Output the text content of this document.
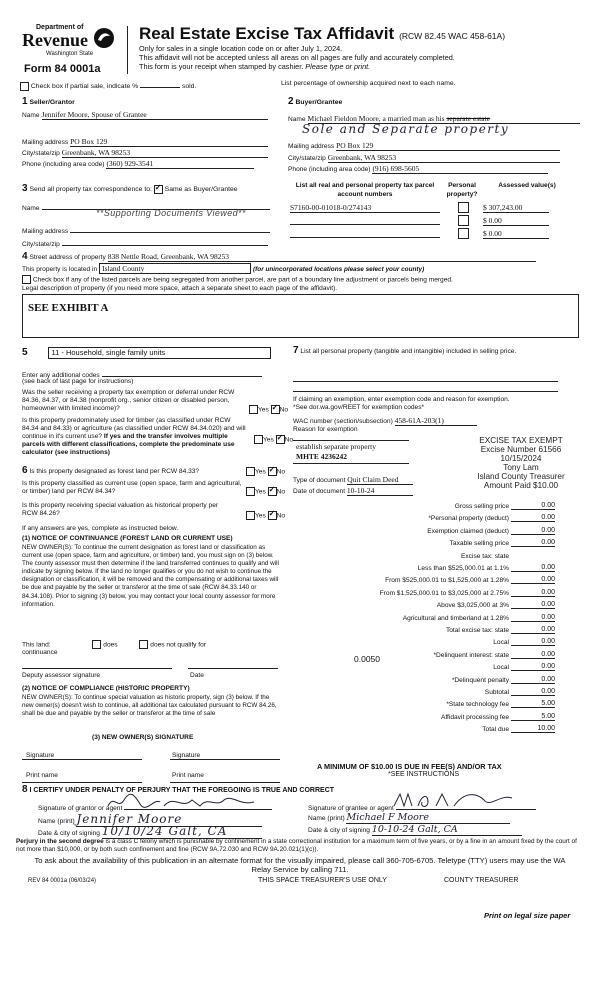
Department of
Revenue
Washington State
Form 84 0001a
Real Estate Excise Tax Affidavit (RCW 82.45 WAC 458-61A)
Only for sales in a single location code on or after July 1, 2024.
This affidavit will not be accepted unless all areas on all pages are fully and accurately completed.
This form is your receipt when stamped by cashier. Please type or print.
Check box if partial sale, indicate %	sold.	List percentage of ownership acquired next to each name.
1 Seller/Grantor
Name Jennifer Moore, Spouse of Grantee
Mailing address PO Box 129
City/state/zip Greenbank, WA 98253
Phone (including area code) (360) 929-3541
2 Buyer/Grantee
Name Michael Fieldon Moore, a married man as his separate estate
Sole and Separate property
Mailing address PO Box 129
City/state/zip Greenbank, WA 98253
Phone (including area code) (916) 698-5605
3 Send all property tax correspondence to: ✓ Same as Buyer/Grantee
Name	**Supporting Documents Viewed**
Mailing address
City/state/zip
List all real and personal property tax parcel account numbers
Personal property?
Assessed value(s)
S7160-00-01018-0/274143	$ 307,243.00
$ 0.00
$ 0.00
4 Street address of property 838 Nettle Road, Greenbank, WA 98253
This property is located in Island County	(for unincorporated locations please select your county)
Check box if any of the listed parcels are being segregated from another parcel, are part of a boundary line adjustment or parcels being merged.
Legal description of property (if you need more space, attach a separate sheet to each page of the affidavit).
SEE EXHIBIT A
5	11 - Household, single family units
Enter any additional codes
(see back of last page for instructions)
Was the seller receiving a property tax exemption or deferral under RCW 84.36, 84.37, or 84.38 (nonprofit org., senior citizen or disabled person, homeowner with limited income)?	Yes ✓ No
Is this property predominately used for timber (as classified under RCW 84.34 and 84.33) or agriculture (as classified under RCW 84.34.020) and will continue in it's current use? If yes and the transfer involves multiple parcels with different classifications, complete the predominate use calculator (see instructions)
Yes ✓ No
6 Is this property designated as forest land per RCW 84.33?	Yes ✓ No
Is this property classified as current use (open space, farm and agricultural, or timber) land per RCW 84.34?	Yes ✓ No
Is this property receiving special valuation as historical property per RCW 84.26?	Yes ✓ No
If any answers are yes, complete as instructed below.
(1) NOTICE OF CONTINUANCE (FOREST LAND OR CURRENT USE)
NEW OWNER(S): To continue the current designation as forest land or classification as current use (open space, farm and agriculture, or timber) land, you must sign on (3) below. The county assessor must then determine if the land transferred continues to qualify and will indicate by signing below. If the land no longer qualifies or you do not wish to continue the designation or classification, it will be removed and the compensating or additional taxes will be due and payable by the seller or transferor at the time of sale (RCW 84.33.140 or 84.34.108). Prior to signing (3) below, you may contact your local county assessor for more information.
This land:	does	does not qualify for
continuance
Deputy assessor signature	Date
(2) NOTICE OF COMPLIANCE (HISTORIC PROPERTY)
NEW OWNER(S): To continue special valuation as historic property, sign (3) below. If the new owner(s) doesn't wish to continue, all additional tax calculated pursuant to RCW 84.26, shall be due and payable by the seller or transferor at the time of sale
(3) NEW OWNER(S) SIGNATURE
Signature	Signature
Print name	Print name
7 List all personal property (tangible and intangible) included in selling price.
If claiming an exemption, enter exemption code and reason for exemption. *See dor.wa.gov/REET for exemption codes*
WAC number (section/subsection) 458-61A-203(1)
Reason for exemption
establish separate property
MHTE 4236242
EXCISE TAX EXEMPT
Excise Number 61566
10/15/2024
Tony Lam
Island County Treasurer
Amount Paid $10.00
Type of document Quit Claim Deed
Date of document 10-10-24
Gross selling price	0.00
*Personal property (deduct)	0.00
Exemption claimed (deduct)	0.00
Taxable selling price	0.00
Excise tax: state
Less than $525,000.01 at 1.1%	0.00
From $525,000.01 to $1,525,000 at 1.28%	0.00
From $1,525,000.01 to $3,025,000 at 2.75%	0.00
Above $3,025,000 at 3%	0.00
Agricultural and timberland at 1.28%	0.00
Total excise tax: state	0.00
Local	0.00
*Delinquent interest: state	0.00
Local	0.00
*Delinquent penalty	0.00
Subtotal	0.00
*State technology fee	5.00
Affidavit processing fee	5.00
Total due	10.00
0.0050
A MINIMUM OF $10.00 IS DUE IN FEE(S) AND/OR TAX
*SEE INSTRUCTIONS
8 I CERTIFY UNDER PENALTY OF PERJURY THAT THE FOREGOING IS TRUE AND CORRECT
Signature of grantor or agent
Name (print) Jennifer Moore
Date & city of signing 10/10/24 Galt, CA
Signature of grantee or agent
Name (print) Michael F Moore
Date & city of signing 10-10-24 Galt, CA
Perjury in the second degree is a class C felony which is punishable by confinement in a state correctional institution for a maximum term of five years, or by a fine in an amount fixed by the court of not more than $10,000, or by both such confinement and fine (RCW 9A.72.030 and RCW 9A.20.021(1)(c)).
To ask about the availability of this publication in an alternate format for the visually impaired, please call 360-705-6705. Teletype (TTY) users may use the WA Relay Service by calling 711.
REV 84 0001a (06/03/24)	THIS SPACE TREASURER'S USE ONLY	COUNTY TREASURER
Print on legal size paper
